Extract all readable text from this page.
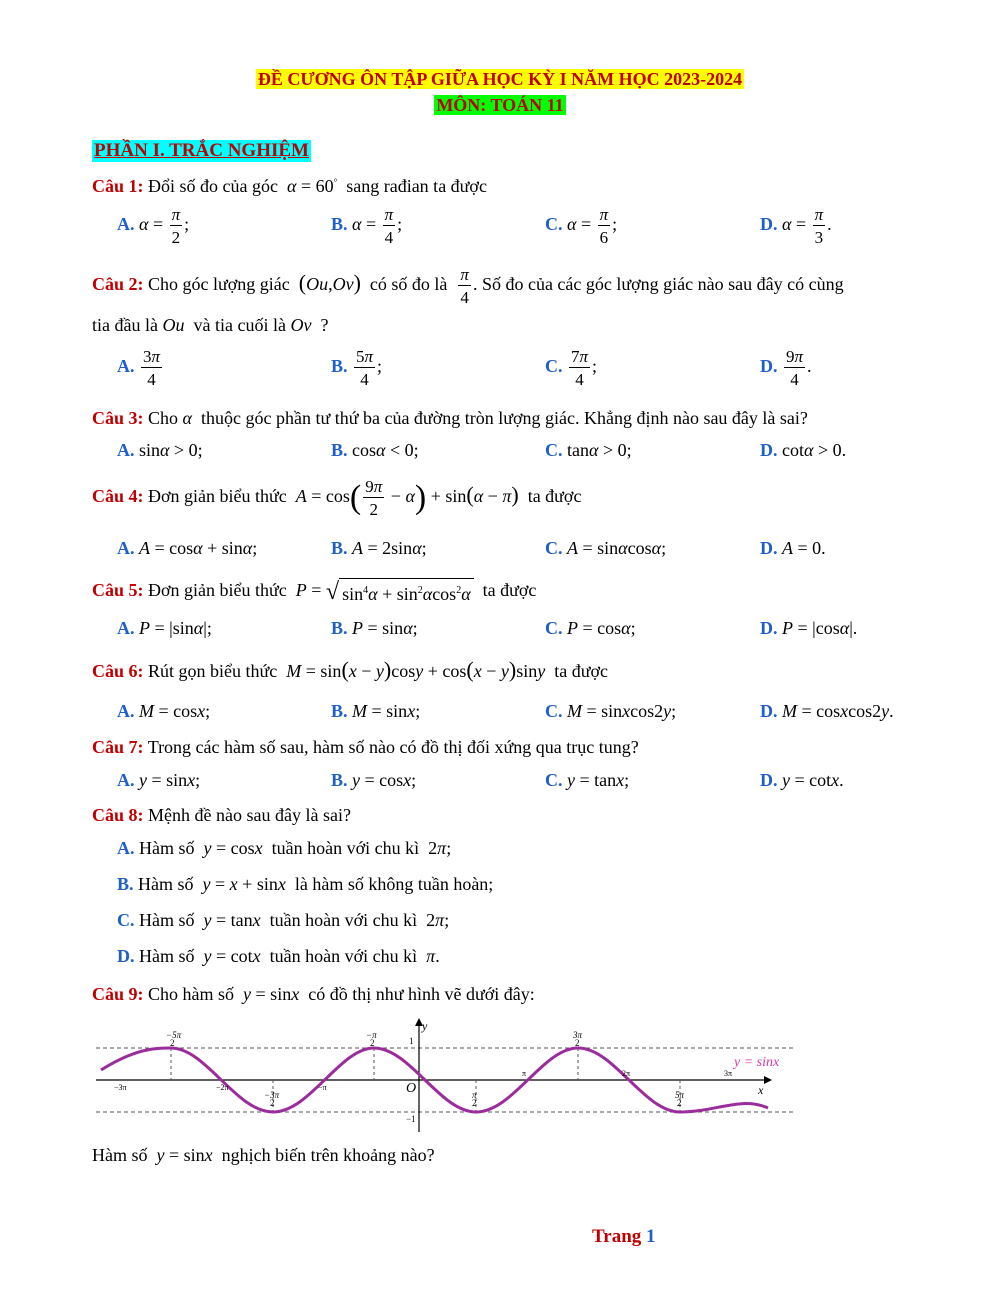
ĐỀ CƯƠNG ÔN TẬP GIỮA HỌC KỲ I NĂM HỌC 2023-2024
MÔN: TOÁN 11
PHẦN I. TRẮC NGHIỆM
Câu 1: Đổi số đo của góc α = 60° sang rađian ta được
A. $\alpha = \frac{\pi}{2}$ ;	B. $\alpha = \frac{\pi}{4}$ ;	C. $\alpha = \frac{\pi}{6}$ ;	D. $\alpha = \frac{\pi}{3}$ .
Câu 2: Cho góc lượng giác (Ou,Ov) có số đo là $\frac{\pi}{4}$ . Số đo của các góc lượng giác nào sau đây có cùng
tia đầu là Ou và tia cuối là Ov ?
A. $\frac{3\pi}{4}$	B. $\frac{5\pi}{4}$ ;	C. $\frac{7\pi}{4}$ ;	D. $\frac{9\pi}{4}$ .
Câu 3: Cho α thuộc góc phần tư thứ ba của đường tròn lượng giác. Khẳng định nào sau đây là sai?
A. sinα > 0;	B. cosα < 0;	C. tanα > 0;	D. cotα > 0.
Câu 4: Đơn giản biểu thức $A = \cos( \frac{9\pi}{2} - \alpha) + \sin(\alpha - \pi)$ ta được
A. A = cosα + sinα;	B. A = 2sinα;	C. A = sinαcosα;	D. A = 0.
Câu 5: Đơn giản biểu thức P = √ $\sin^4\alpha + \sin^2\alpha\cos^2\alpha$ ta được
A. P = |sinα|;	B. P = sinα;	C. P = cosα;	D. P = |cosα|.
Câu 6: Rút gọn biểu thức M = sin(x − y)cosy + cos(x − y)siny ta được
A. M = cosx;	B. M = sinx;	C. M = sinxcos2y;	D. M = cosxcos2y.
Câu 7: Trong các hàm số sau, hàm số nào có đồ thị đối xứng qua trục tung?
A. y = sinx;	B. y = cosx;	C. y = tanx;	D. y = cotx.
Câu 8: Mệnh đề nào sau đây là sai?
A. Hàm số y = cosx tuần hoàn với chu kì  2π;
B. Hàm số y = x + sinx là hàm số không tuần hoàn;
C. Hàm số y = tanx tuần hoàn với chu kì  2π;
D. Hàm số y = cotx tuần hoàn với chu kì π.
Câu 9: Cho hàm số y = sinx có đồ thị như hình vẽ dưới đây:
−5π
2
−π
2
3π
2
−3π
2
π
2
5π
2
−3π	−2π	−π
π	2π	3π
1
−1
O	x
y
y = sinx
Hàm số y = sinx nghịch biến trên khoảng nào?
Trang 1
